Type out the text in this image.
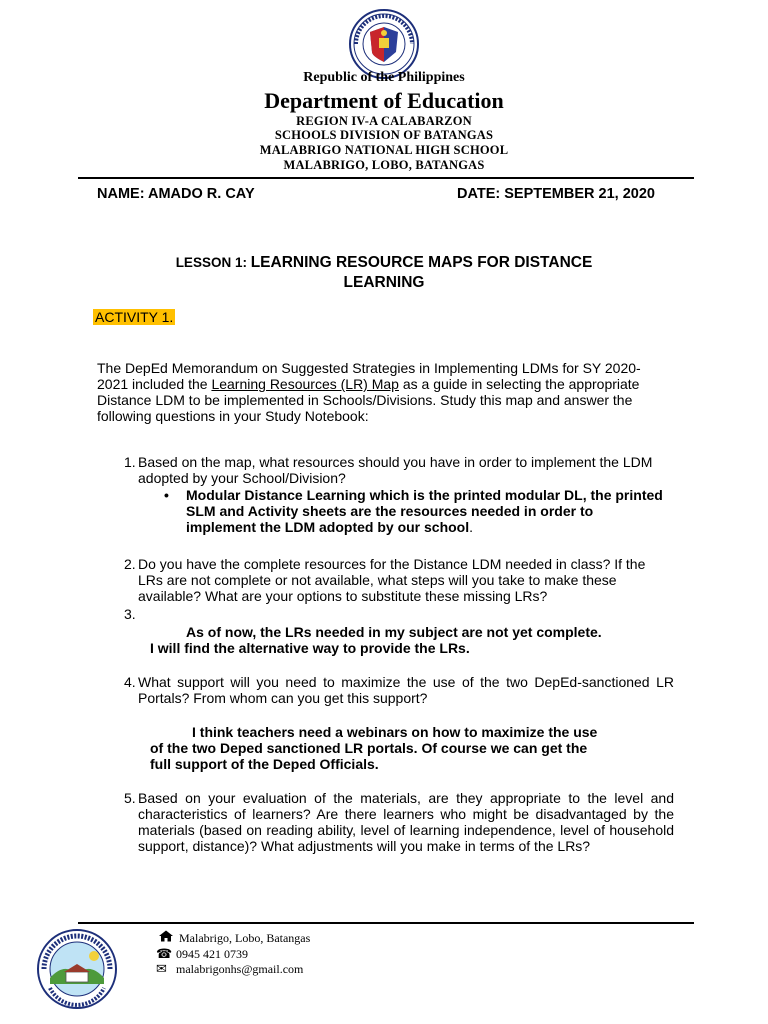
Republic of the Philippines
Department of Education
REGION IV-A CALABARZON
SCHOOLS DIVISION OF BATANGAS
MALABRIGO NATIONAL HIGH SCHOOL
MALABRIGO, LOBO, BATANGAS
NAME: AMADO R. CAY	DATE: SEPTEMBER 21, 2020
LESSON 1: LEARNING RESOURCE MAPS FOR DISTANCE
LEARNING
ACTIVITY 1.
The DepEd Memorandum on Suggested Strategies in Implementing LDMs for SY 2020-2021 included the Learning Resources (LR) Map as a guide in selecting the appropriate Distance LDM to be implemented in Schools/Divisions. Study this map and answer the following questions in your Study Notebook:
1. Based on the map, what resources should you have in order to implement the LDM adopted by your School/Division?
•	Modular Distance Learning which is the printed modular DL, the printed SLM and Activity sheets are the resources needed in order to implement the LDM adopted by our school.
2. Do you have the complete resources for the Distance LDM needed in class? If the LRs are not complete or not available, what steps will you take to make these available? What are your options to substitute these missing LRs?
3.
As of now, the LRs needed in my subject are not yet complete.
I will find the alternative way to provide the LRs.
4. What support will you need to maximize the use of the two DepEd-sanctioned LR Portals? From whom can you get this support?
I think teachers need a webinars on how to maximize the use
of the two Deped sanctioned LR portals. Of course we can get the
full support of the Deped Officials.
5. Based on your evaluation of the materials, are they appropriate to the level and characteristics of learners? Are there learners who might be disadvantaged by the materials (based on reading ability, level of learning independence, level of household support, distance)? What adjustments will you make in terms of the LRs?
Malabrigo, Lobo, Batangas
☎ 0945 421 0739
✉ malabrigonhs@gmail.com
